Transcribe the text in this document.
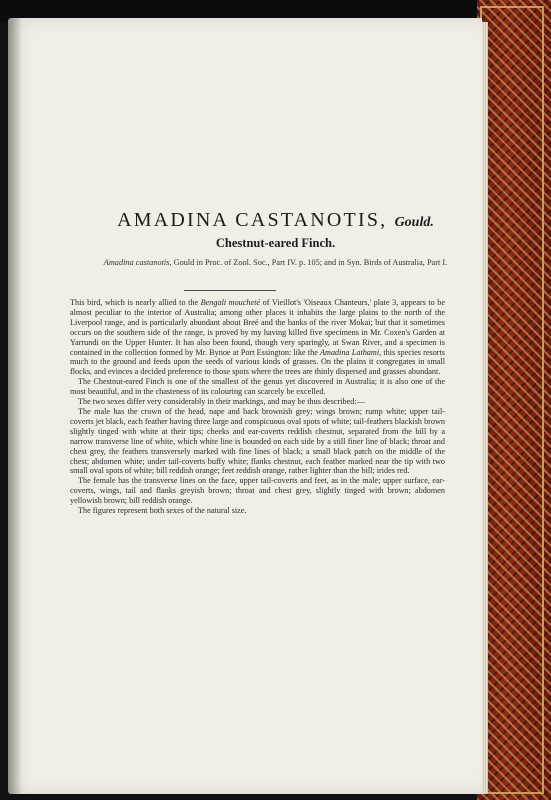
AMADINA CASTANOTIS, Gould.
Chestnut-eared Finch.
Amadina castanotis, Gould in Proc. of Zool. Soc., Part IV. p. 105; and in Syn. Birds of Australia, Part I.

This bird, which is nearly allied to the Bengali moucheté of Vieillot's 'Oiseaux Chanteurs,' plate 3, appears to be almost peculiar to the interior of Australia; among other places it inhabits the large plains to the north of the Liverpool range, and is particularly abundant about Breé and the banks of the river Mokai; but that it sometimes occurs on the southern side of the range, is proved by my having killed five specimens in Mr. Coxen's Garden at Yarrundi on the Upper Hunter. It has also been found, though very sparingly, at Swan River, and a specimen is contained in the collection formed by Mr. Bynoe at Port Essington: like the Amadina Lathami, this species resorts much to the ground and feeds upon the seeds of various kinds of grasses. On the plains it congregates in small flocks, and evinces a decided preference to those spots where the trees are thinly dispersed and grasses abundant.

The Chestnut-eared Finch is one of the smallest of the genus yet discovered in Australia; it is also one of the most beautiful, and in the chasteness of its colouring can scarcely be excelled.

The two sexes differ very considerably in their markings, and may be thus described:—

The male has the crown of the head, nape and back brownish grey; wings brown; rump white; upper tail-coverts jet black, each feather having three large and conspicuous oval spots of white; tail-feathers blackish brown slightly tinged with white at their tips; cheeks and ear-coverts reddish chestnut, separated from the bill by a narrow transverse line of white, which white line is bounded on each side by a still finer line of black; throat and chest grey, the feathers transversely marked with fine lines of black; a small black patch on the middle of the chest; abdomen white; under tail-coverts buffy white; flanks chestnut, each feather marked near the tip with two small oval spots of white; bill reddish orange; feet reddish orange, rather lighter than the bill; irides red.

The female has the transverse lines on the face, upper tail-coverts and feet, as in the male; upper surface, ear-coverts, wings, tail and flanks greyish brown; throat and chest grey, slightly tinged with brown; abdomen yellowish brown; bill reddish orange.

The figures represent both sexes of the natural size.
